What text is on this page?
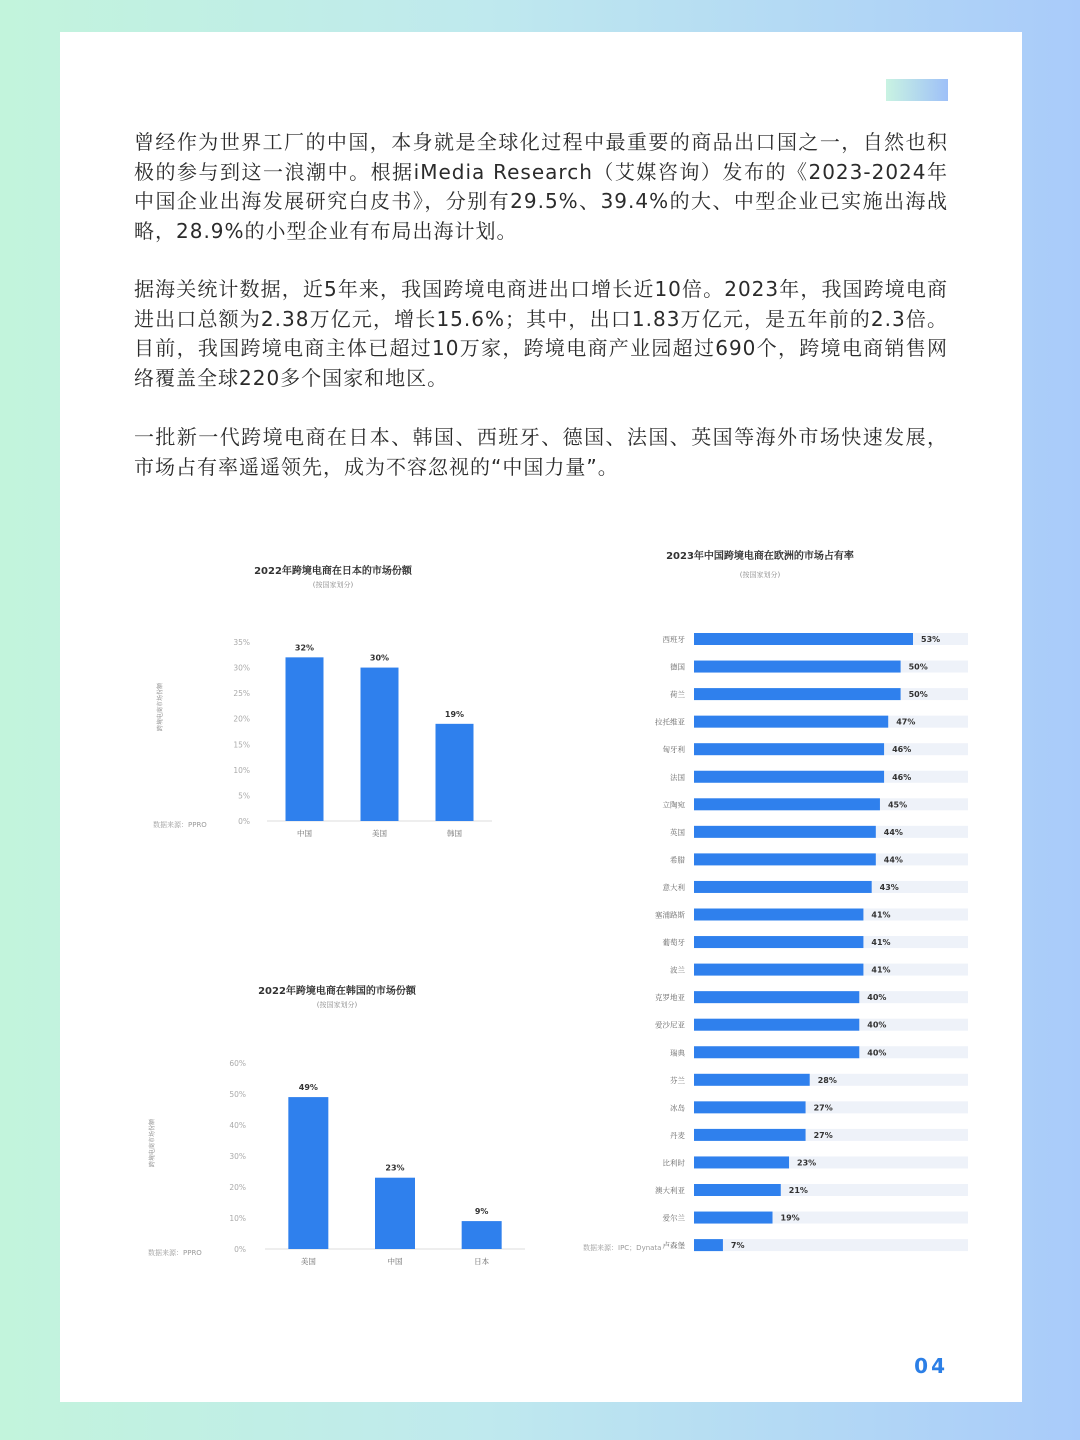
曾经作为世界工厂的中国，本身就是全球化过程中最重要的商品出口国之一，自然也积极的参与到这一浪潮中。根据iMedia Research（艾媒咨询）发布的《2023-2024年中国企业出海发展研究白皮书》，分别有29.5%、39.4%的大、中型企业已实施出海战略，28.9%的小型企业有布局出海计划。

据海关统计数据，近5年来，我国跨境电商进出口增长近10倍。2023年，我国跨境电商进出口总额为2.38万亿元，增长15.6%；其中，出口1.83万亿元，是五年前的2.3倍。目前，我国跨境电商主体已超过10万家，跨境电商产业园超过690个，跨境电商销售网络覆盖全球220多个国家和地区。

一批新一代跨境电商在日本、韩国、西班牙、德国、法国、英国等海外市场快速发展，市场占有率遥遥领先，成为不容忽视的“中国力量”。

2022年跨境电商在日本的市场份额
(按国家划分)
0%
5%
10%
15%
20%
25%
30%
35%
跨境电商市场份额
32%
中国
30%
美国
19%
韩国
数据来源：PPRO
2022年跨境电商在韩国的市场份额
(按国家划分)
0%
10%
20%
30%
40%
50%
60%
跨境电商市场份额
49%
美国
23%
中国
9%
日本
数据来源：PPRO
2023年中国跨境电商在欧洲的市场占有率
(按国家划分)
西班牙	53%
德国	50%
荷兰	50%
拉托维亚	47%
匈牙利	46%
法国	46%
立陶宛	45%
英国	44%
希腊	44%
意大利	43%
塞浦路斯	41%
葡萄牙	41%
波兰	41%
克罗地亚	40%
爱沙尼亚	40%
瑞典	40%
芬兰	28%
冰岛	27%
丹麦	27%
比利时	23%
澳大利亚	21%
爱尔兰	19%
卢森堡	7%
数据来源：IPC；Dynata
04
